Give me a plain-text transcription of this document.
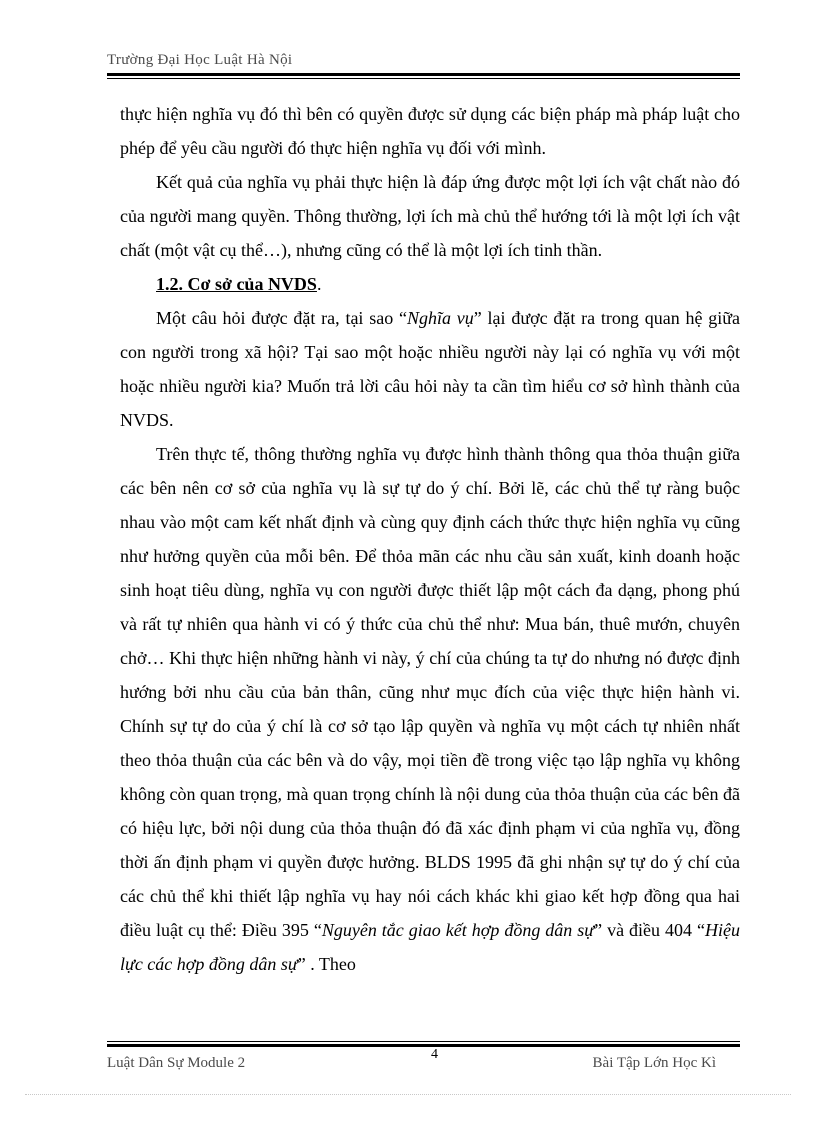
Trường Đại Học Luật Hà Nội

thực hiện nghĩa vụ đó thì bên có quyền được sử dụng các biện pháp mà pháp luật cho phép để yêu cầu người đó thực hiện nghĩa vụ đối với mình.

Kết quả của nghĩa vụ phải thực hiện là đáp ứng được một lợi ích vật chất nào đó của người mang quyền. Thông thường, lợi ích mà chủ thể hướng tới là một lợi ích vật chất (một vật cụ thể…), nhưng cũng có thể là một lợi ích tinh thần.

1.2. Cơ sở của NVDS.

Một câu hỏi được đặt ra, tại sao “Nghĩa vụ” lại được đặt ra trong quan hệ giữa con người trong xã hội? Tại sao một hoặc nhiều người này lại có nghĩa vụ với một hoặc nhiều người kia? Muốn trả lời câu hỏi này ta cần tìm hiểu cơ sở hình thành của NVDS.

Trên thực tế, thông thường nghĩa vụ được hình thành thông qua thỏa thuận giữa các bên nên cơ sở của nghĩa vụ là sự tự do ý chí. Bởi lẽ, các chủ thể tự ràng buộc nhau vào một cam kết nhất định và cùng quy định cách thức thực hiện nghĩa vụ cũng như hưởng quyền của mỗi bên. Để thỏa mãn các nhu cầu sản xuất, kinh doanh hoặc sinh hoạt tiêu dùng, nghĩa vụ con người được thiết lập một cách đa dạng, phong phú và rất tự nhiên qua hành vi có ý thức của chủ thể như: Mua bán, thuê mướn, chuyên chở… Khi thực hiện những hành vi này, ý chí của chúng ta tự do nhưng nó được định hướng bởi nhu cầu của bản thân, cũng như mục đích của việc thực hiện hành vi. Chính sự tự do của ý chí là cơ sở tạo lập quyền và nghĩa vụ một cách tự nhiên nhất theo thỏa thuận của các bên và do vậy, mọi tiền đề trong việc tạo lập nghĩa vụ không không còn quan trọng, mà quan trọng chính là nội dung của thỏa thuận của các bên đã có hiệu lực, bởi nội dung của thỏa thuận đó đã xác định phạm vi của nghĩa vụ, đồng thời ấn định phạm vi quyền được hưởng. BLDS 1995 đã ghi nhận sự tự do ý chí của các chủ thể khi thiết lập nghĩa vụ hay nói cách khác khi giao kết hợp đồng qua hai điều luật cụ thể: Điều 395 “Nguyên tắc giao kết hợp đồng dân sự” và điều 404 “Hiệu lực các hợp đồng dân sự” . Theo

4
Luật Dân Sự Module 2	Bài Tập Lớn Học Kì
